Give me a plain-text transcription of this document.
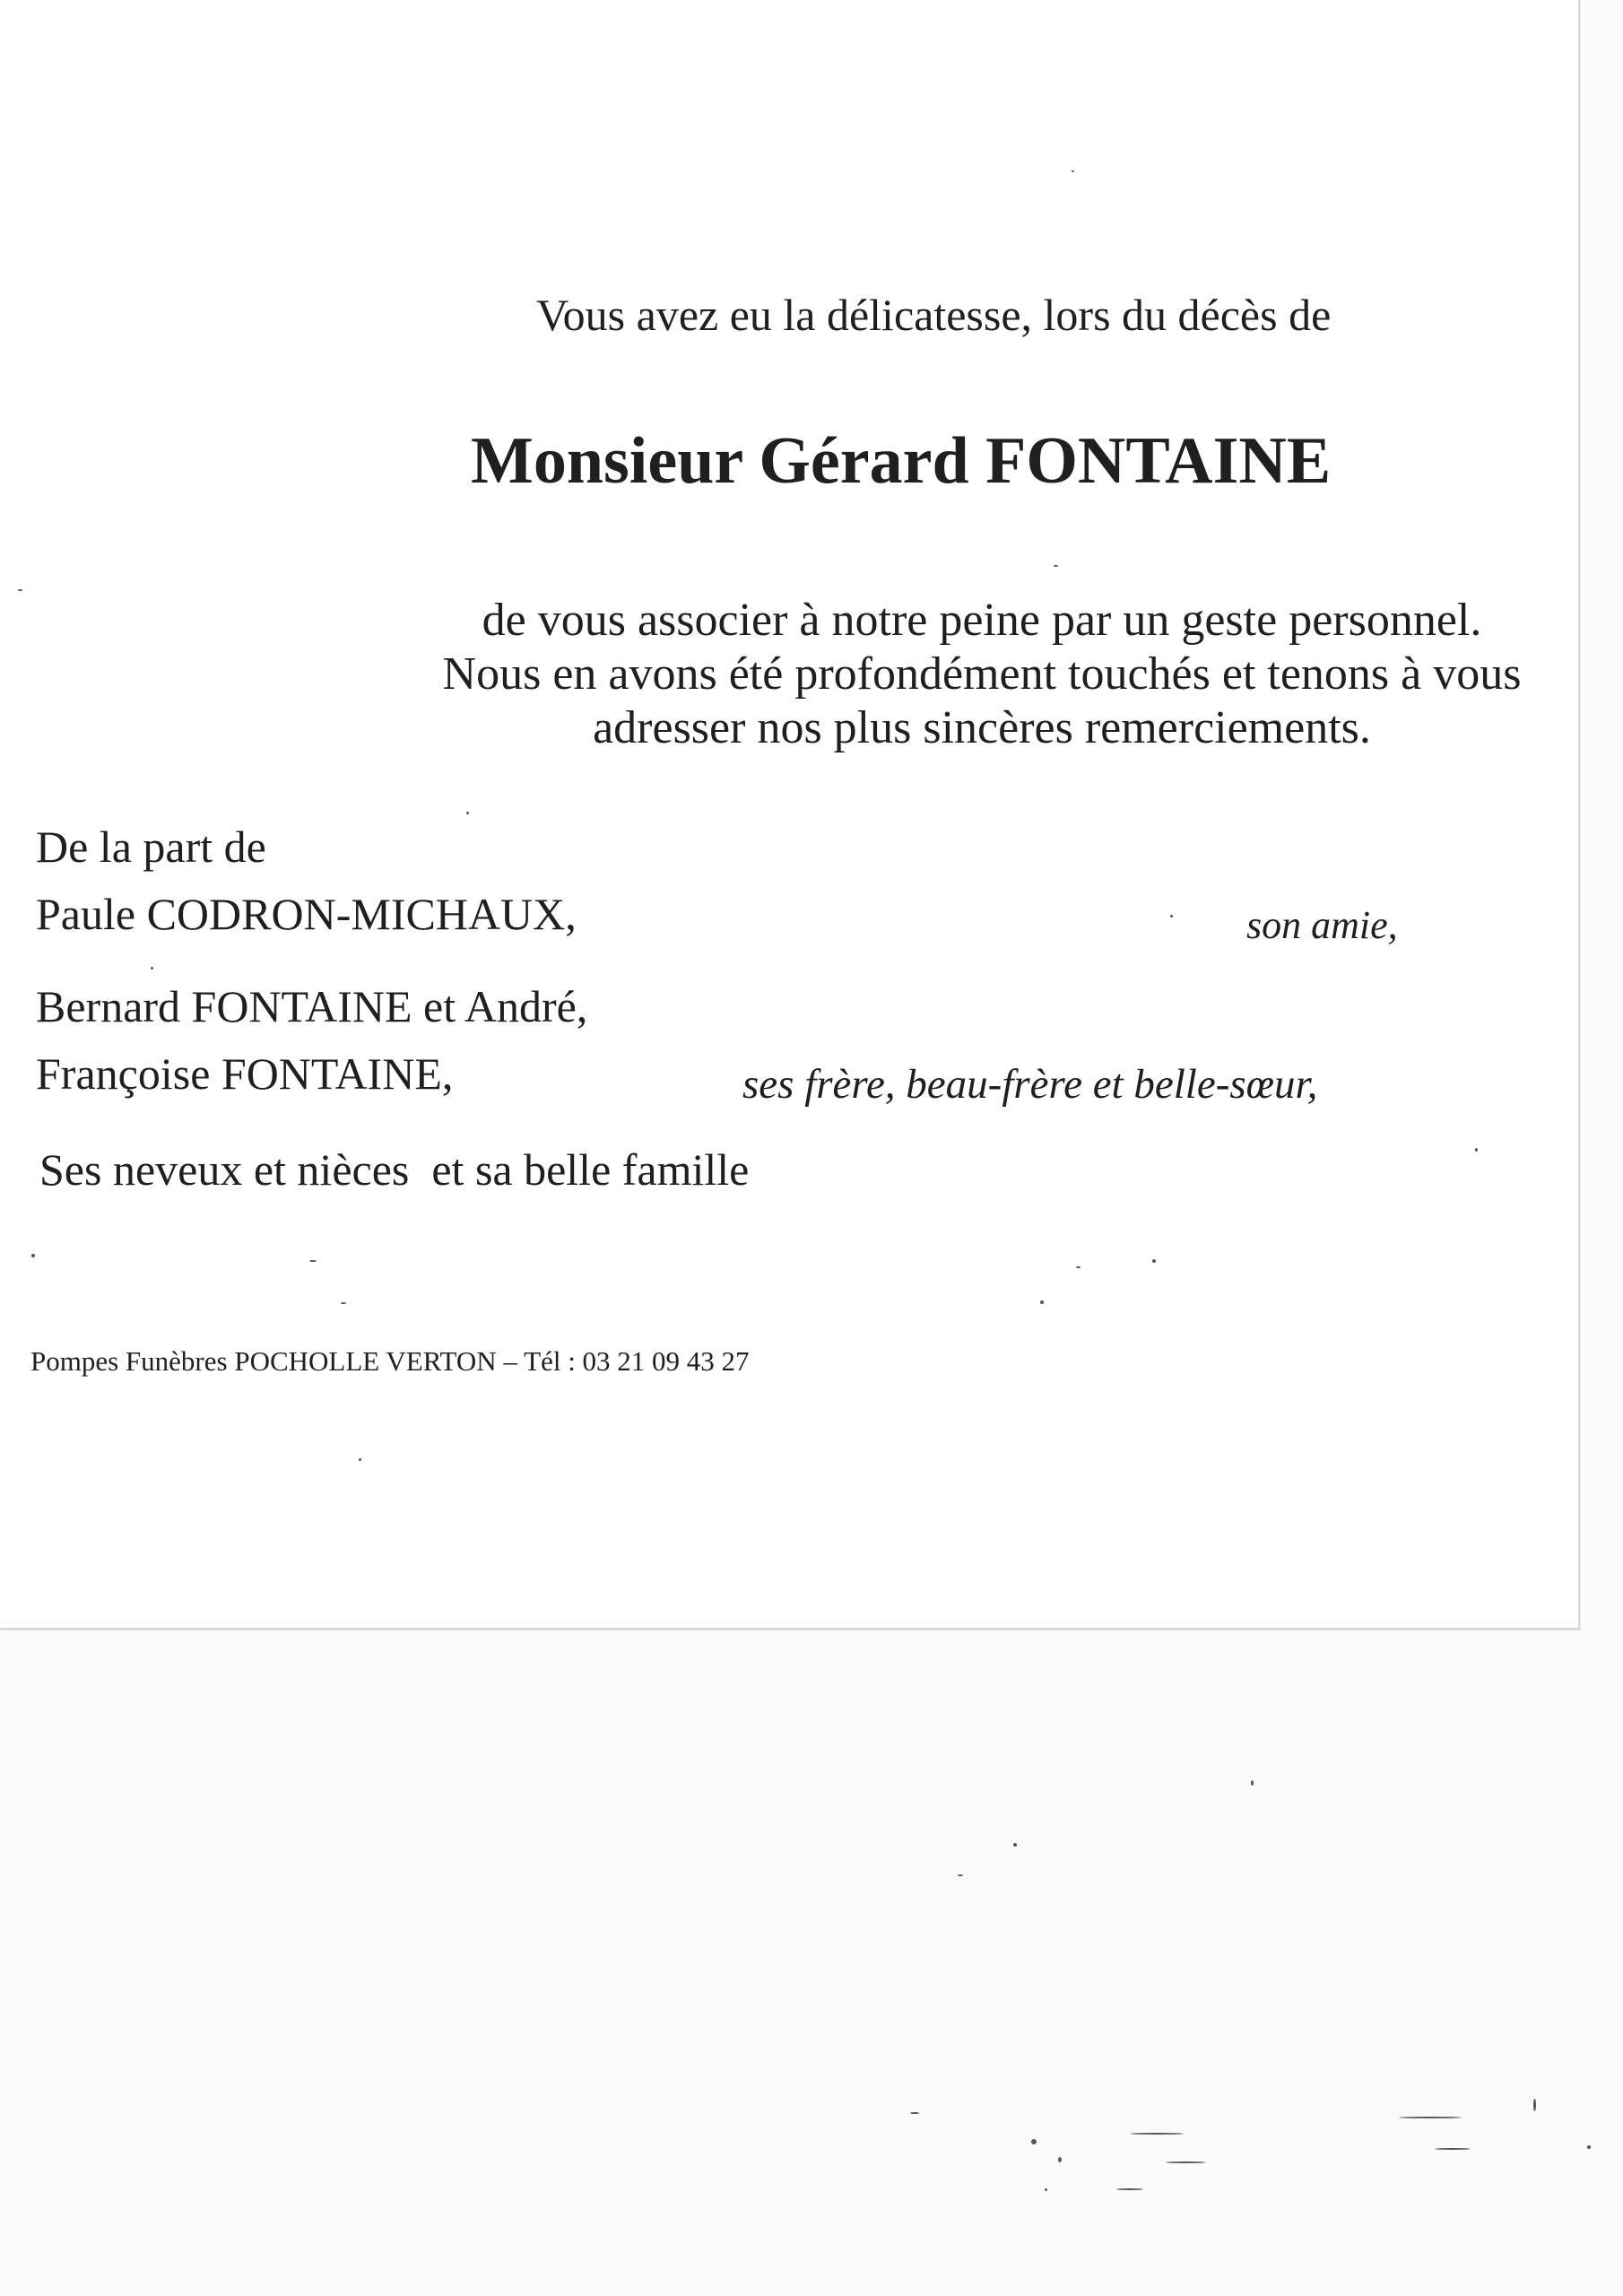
Vous avez eu la délicatesse, lors du décès de

Monsieur Gérard FONTAINE

de vous associer à notre peine par un geste personnel.
Nous en avons été profondément touchés et tenons à vous
adresser nos plus sincères remerciements.

De la part de

Paule CODRON-MICHAUX,	son amie,

Bernard FONTAINE et André,

Françoise FONTAINE,	ses frère, beau-frère et belle-sœur,

Ses neveux et nièces  et sa belle famille

Pompes Funèbres POCHOLLE VERTON – Tél : 03 21 09 43 27
